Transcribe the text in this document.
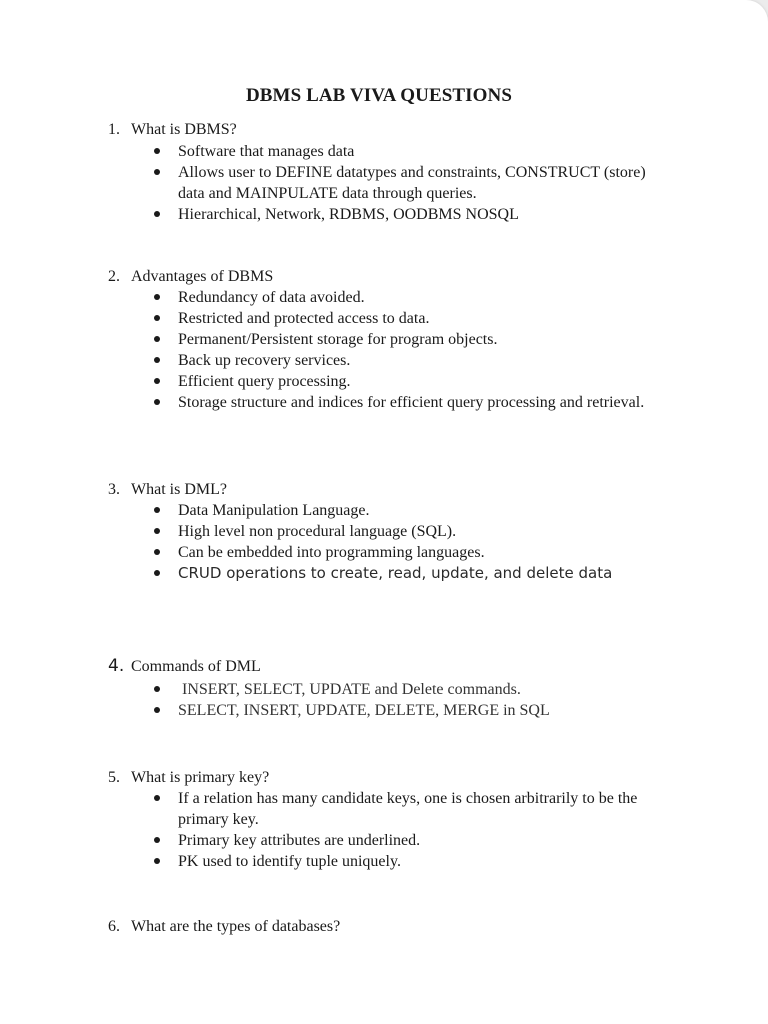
DBMS LAB VIVA QUESTIONS
1. What is DBMS?
Software that manages data
Allows user to DEFINE datatypes and constraints, CONSTRUCT (store) data and MAINPULATE data through queries.
Hierarchical, Network, RDBMS, OODBMS NOSQL
2. Advantages of DBMS
Redundancy of data avoided.
Restricted and protected access to data.
Permanent/Persistent storage for program objects.
Back up recovery services.
Efficient query processing.
Storage structure and indices for efficient query processing and retrieval.
3. What is DML?
Data Manipulation Language.
High level non procedural language (SQL).
Can be embedded into programming languages.
CRUD operations to create, read, update, and delete data
4. Commands of DML
INSERT, SELECT, UPDATE and Delete commands.
SELECT, INSERT, UPDATE, DELETE, MERGE in SQL
5. What is primary key?
If a relation has many candidate keys, one is chosen arbitrarily to be the primary key.
Primary key attributes are underlined.
PK used to identify tuple uniquely.
6. What are the types of databases?
